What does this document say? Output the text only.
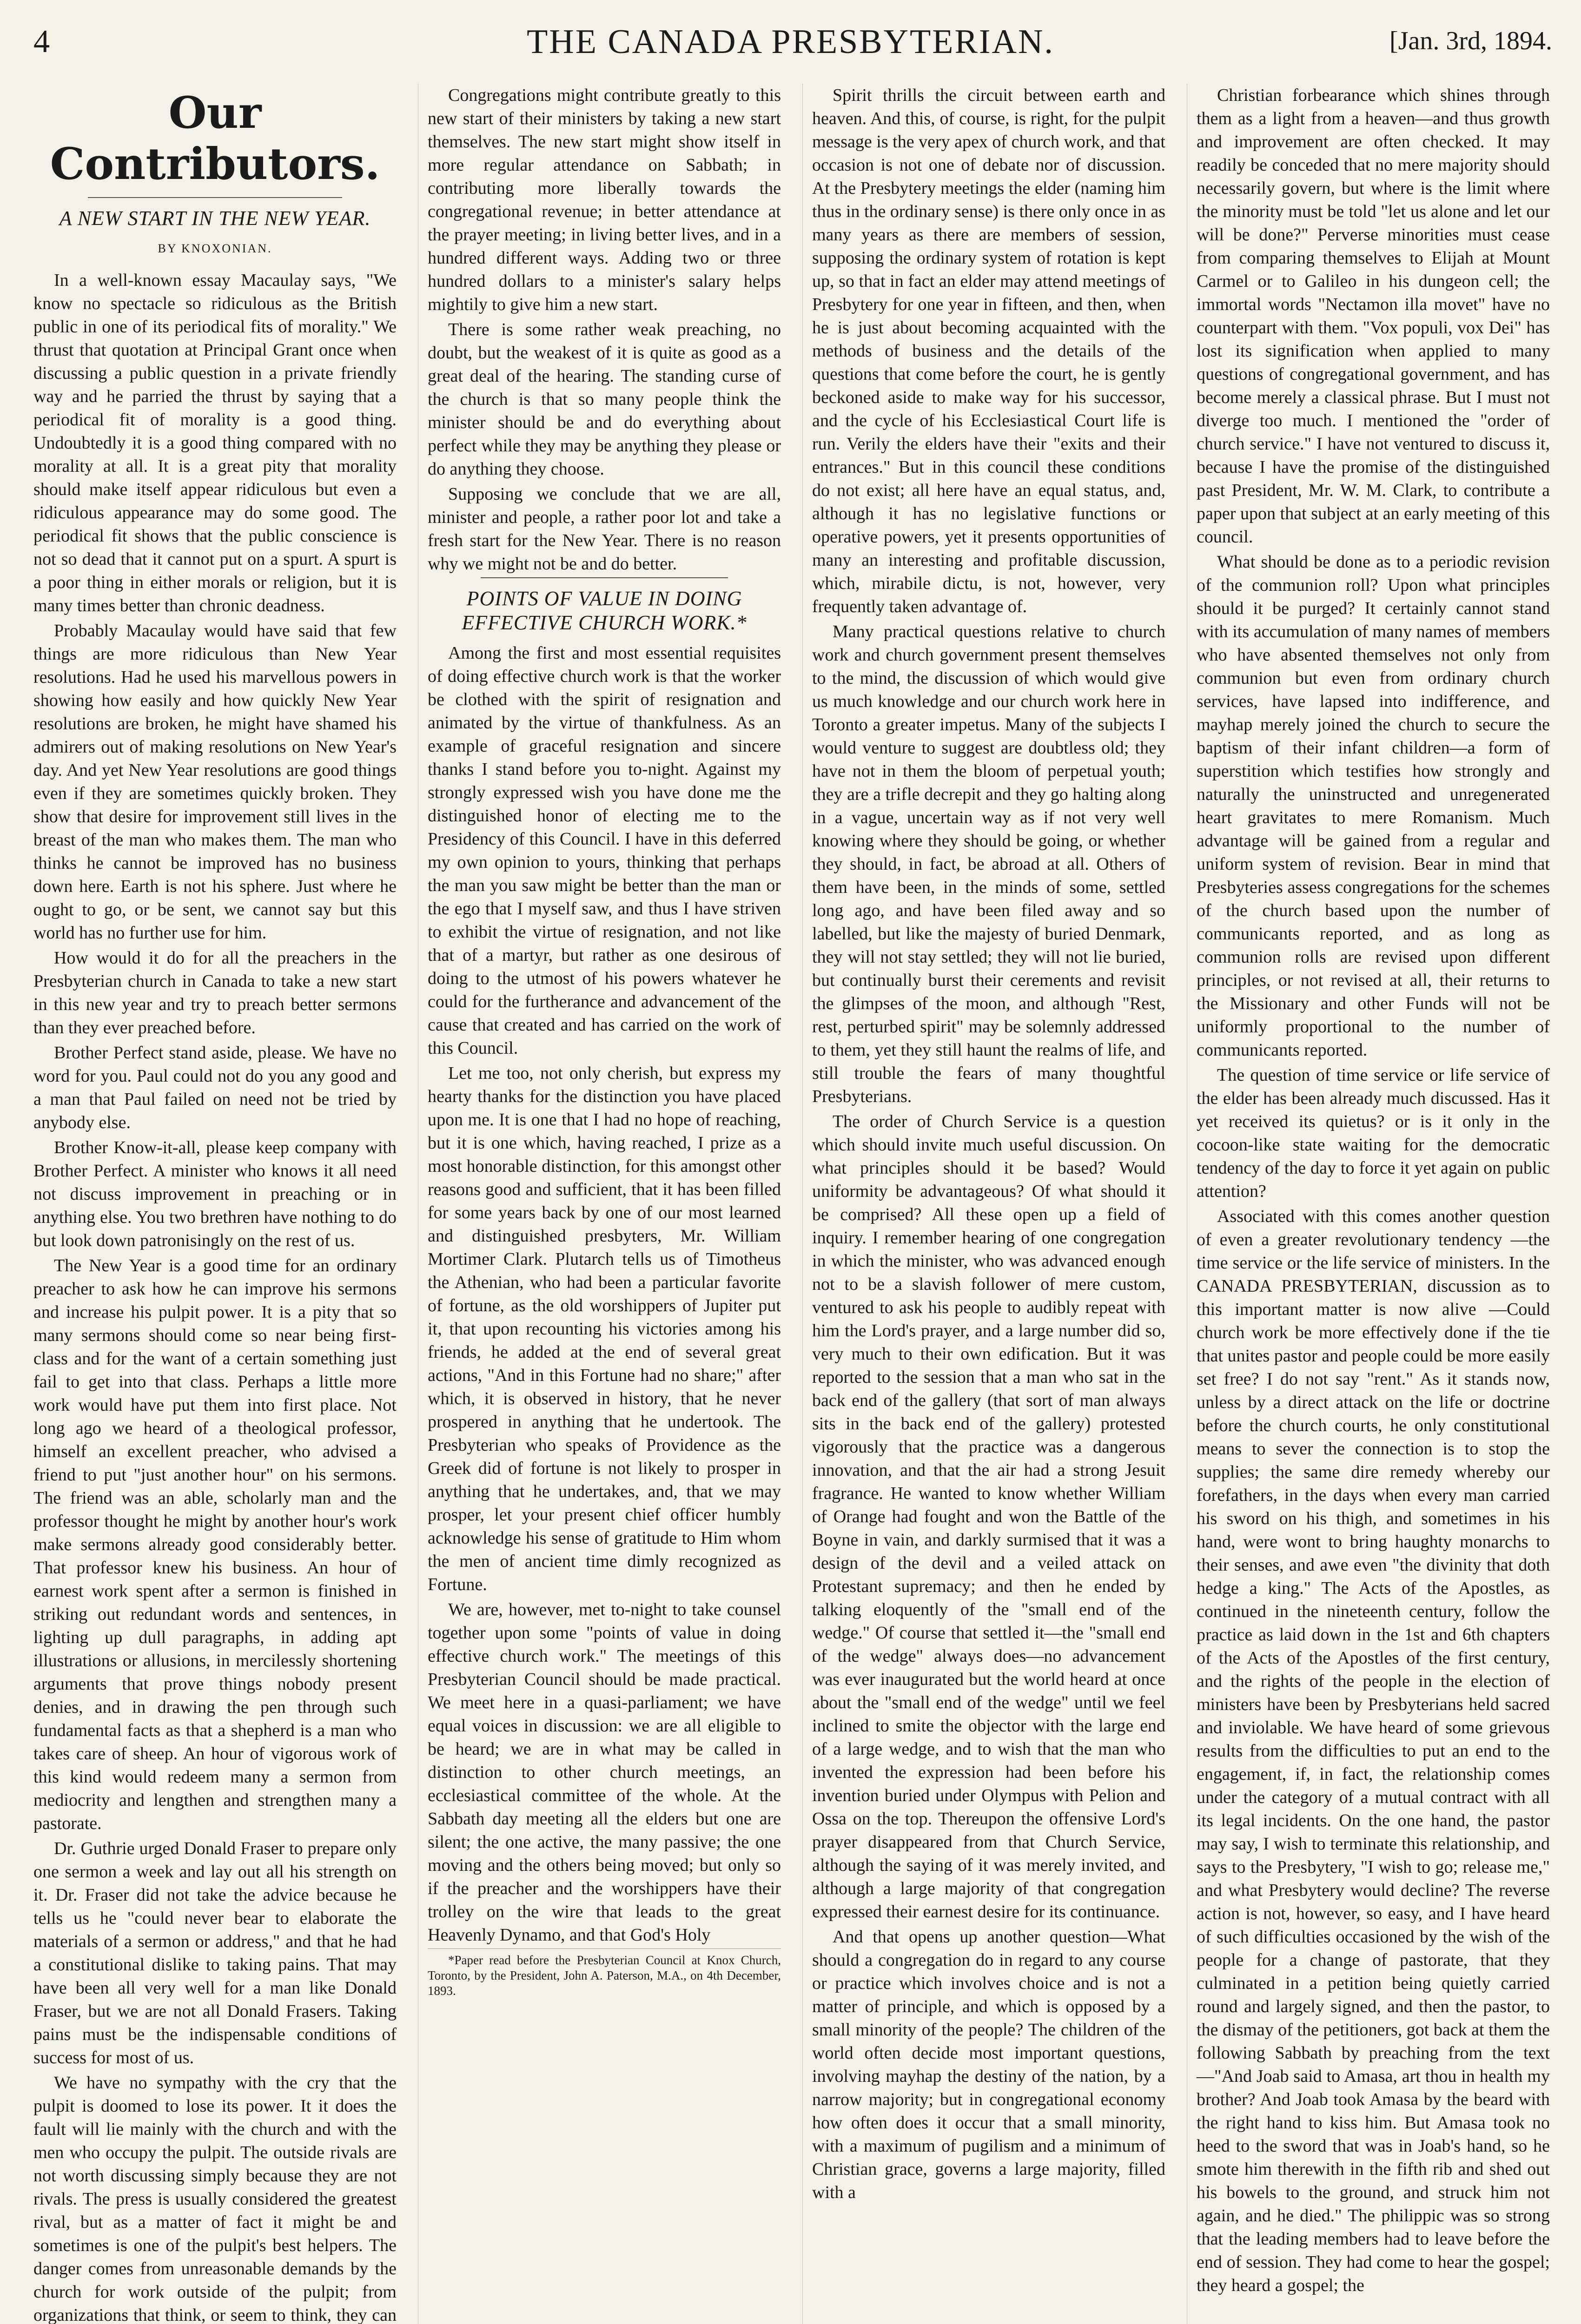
4	THE CANADA PRESBYTERIAN.	[Jan. 3rd, 1894.
Our Contributors.
A NEW START IN THE NEW YEAR.
BY KNOXONIAN.

In a well-known essay Macaulay says, "We know no spectacle so ridiculous as the British public in one of its periodical fits of morality." We thrust that quotation at Principal Grant once when discussing a public question in a private friendly way and he parried the thrust by saying that a periodical fit of morality is a good thing. Undoubtedly it is a good thing compared with no morality at all. It is a great pity that morality should make itself appear ridiculous but even a ridiculous appearance may do some good. The periodical fit shows that the public conscience is not so dead that it cannot put on a spurt. A spurt is a poor thing in either morals or religion, but it is many times better than chronic deadness.

Probably Macaulay would have said that few things are more ridiculous than New Year resolutions. Had he used his marvellous powers in showing how easily and how quickly New Year resolutions are broken, he might have shamed his admirers out of making resolutions on New Year's day. And yet New Year resolutions are good things even if they are sometimes quickly broken. They show that desire for improvement still lives in the breast of the man who makes them. The man who thinks he cannot be improved has no business down here. Earth is not his sphere. Just where he ought to go, or be sent, we cannot say but this world has no further use for him.

How would it do for all the preachers in the Presbyterian church in Canada to take a new start in this new year and try to preach better sermons than they ever preached before.

Brother Perfect stand aside, please. We have no word for you. Paul could not do you any good and a man that Paul failed on need not be tried by anybody else.

Brother Know-it-all, please keep company with Brother Perfect. A minister who knows it all need not discuss improvement in preaching or in anything else. You two brethren have nothing to do but look down patronisingly on the rest of us.

The New Year is a good time for an ordinary preacher to ask how he can improve his sermons and increase his pulpit power. It is a pity that so many sermons should come so near being first-class and for the want of a certain something just fail to get into that class. Perhaps a little more work would have put them into first place. Not long ago we heard of a theological professor, himself an excellent preacher, who advised a friend to put "just another hour" on his sermons. The friend was an able, scholarly man and the professor thought he might by another hour's work make sermons already good considerably better. That professor knew his business. An hour of earnest work spent after a sermon is finished in striking out redundant words and sentences, in lighting up dull paragraphs, in adding apt illustrations or allusions, in mercilessly shortening arguments that prove things nobody present denies, and in drawing the pen through such fundamental facts as that a shepherd is a man who takes care of sheep. An hour of vigorous work of this kind would redeem many a sermon from mediocrity and lengthen and strengthen many a pastorate.

Dr. Guthrie urged Donald Fraser to prepare only one sermon a week and lay out all his strength on it. Dr. Fraser did not take the advice because he tells us he "could never bear to elaborate the materials of a sermon or address," and that he had a constitutional dislike to taking pains. That may have been all very well for a man like Donald Fraser, but we are not all Donald Frasers. Taking pains must be the indispensable conditions of success for most of us.

We have no sympathy with the cry that the pulpit is doomed to lose its power. It it does the fault will lie mainly with the church and with the men who occupy the pulpit. The outside rivals are not worth discussing simply because they are not rivals. The press is usually considered the greatest rival, but as a matter of fact it might be and sometimes is one of the pulpit's best helpers. The danger comes from unreasonable demands by the church for work outside of the pulpit; from organizations that think, or seem to think, they can

Congregations might contribute greatly to this new start of their ministers by taking a new start themselves. The new start might show itself in more regular attendance on Sabbath; in contributing more liberally towards the congregational revenue; in better attendance at the prayer meeting; in living better lives, and in a hundred different ways. Adding two or three hundred dollars to a minister's salary helps mightily to give him a new start.

There is some rather weak preaching, no doubt, but the weakest of it is quite as good as a great deal of the hearing. The standing curse of the church is that so many people think the minister should be and do everything about perfect while they may be anything they please or do anything they choose.

Supposing we conclude that we are all, minister and people, a rather poor lot and take a fresh start for the New Year. There is no reason why we might not be and do better.

POINTS OF VALUE IN DOING EFFECTIVE CHURCH WORK.*

Among the first and most essential requisites of doing effective church work is that the worker be clothed with the spirit of resignation and animated by the virtue of thankfulness. As an example of graceful resignation and sincere thanks I stand before you to-night. Against my strongly expressed wish you have done me the distinguished honor of electing me to the Presidency of this Council. I have in this deferred my own opinion to yours, thinking that perhaps the man you saw might be better than the man or the ego that I myself saw, and thus I have striven to exhibit the virtue of resignation, and not like that of a martyr, but rather as one desirous of doing to the utmost of his powers whatever he could for the furtherance and advancement of the cause that created and has carried on the work of this Council.

Let me too, not only cherish, but express my hearty thanks for the distinction you have placed upon me. It is one that I had no hope of reaching, but it is one which, having reached, I prize as a most honorable distinction, for this amongst other reasons good and sufficient, that it has been filled for some years back by one of our most learned and distinguished presbyters, Mr. William Mortimer Clark. Plutarch tells us of Timotheus the Athenian, who had been a particular favorite of fortune, as the old worshippers of Jupiter put it, that upon recounting his victories among his friends, he added at the end of several great actions, "And in this Fortune had no share;" after which, it is observed in history, that he never prospered in anything that he undertook. The Presbyterian who speaks of Providence as the Greek did of fortune is not likely to prosper in anything that he undertakes, and, that we may prosper, let your present chief officer humbly acknowledge his sense of gratitude to Him whom the men of ancient time dimly recognized as Fortune.

We are, however, met to-night to take counsel together upon some "points of value in doing effective church work." The meetings of this Presbyterian Council should be made practical. We meet here in a quasi-parliament; we have equal voices in discussion: we are all eligible to be heard; we are in what may be called in distinction to other church meetings, an ecclesiastical committee of the whole. At the Sabbath day meeting all the elders but one are silent; the one active, the many passive; the one moving and the others being moved; but only so if the preacher and the worshippers have their trolley on the wire that leads to the great Heavenly Dynamo, and that God's Holy

*Paper read before the Presbyterian Council at Knox Church, Toronto, by the President, John A. Paterson, M.A., on 4th December, 1893.

Spirit thrills the circuit between earth and heaven. And this, of course, is right, for the pulpit message is the very apex of church work, and that occasion is not one of debate nor of discussion. At the Presbytery meetings the elder (naming him thus in the ordinary sense) is there only once in as many years as there are members of session, supposing the ordinary system of rotation is kept up, so that in fact an elder may attend meetings of Presbytery for one year in fifteen, and then, when he is just about becoming acquainted with the methods of business and the details of the questions that come before the court, he is gently beckoned aside to make way for his successor, and the cycle of his Ecclesiastical Court life is run. Verily the elders have their "exits and their entrances." But in this council these conditions do not exist; all here have an equal status, and, although it has no legislative functions or operative powers, yet it presents opportunities of many an interesting and profitable discussion, which, mirabile dictu, is not, however, very frequently taken advantage of.

Many practical questions relative to church work and church government present themselves to the mind, the discussion of which would give us much knowledge and our church work here in Toronto a greater impetus. Many of the subjects I would venture to suggest are doubtless old; they have not in them the bloom of perpetual youth; they are a trifle decrepit and they go halting along in a vague, uncertain way as if not very well knowing where they should be going, or whether they should, in fact, be abroad at all. Others of them have been, in the minds of some, settled long ago, and have been filed away and so labelled, but like the majesty of buried Denmark, they will not stay settled; they will not lie buried, but continually burst their cerements and revisit the glimpses of the moon, and although "Rest, rest, perturbed spirit" may be solemnly addressed to them, yet they still haunt the realms of life, and still trouble the fears of many thoughtful Presbyterians.

The order of Church Service is a question which should invite much useful discussion. On what principles should it be based? Would uniformity be advantageous? Of what should it be comprised? All these open up a field of inquiry. I remember hearing of one congregation in which the minister, who was advanced enough not to be a slavish follower of mere custom, ventured to ask his people to audibly repeat with him the Lord's prayer, and a large number did so, very much to their own edification. But it was reported to the session that a man who sat in the back end of the gallery (that sort of man always sits in the back end of the gallery) protested vigorously that the practice was a dangerous innovation, and that the air had a strong Jesuit fragrance. He wanted to know whether William of Orange had fought and won the Battle of the Boyne in vain, and darkly surmised that it was a design of the devil and a veiled attack on Protestant supremacy; and then he ended by talking eloquently of the "small end of the wedge." Of course that settled it—the "small end of the wedge" always does—no advancement was ever inaugurated but the world heard at once about the "small end of the wedge" until we feel inclined to smite the objector with the large end of a large wedge, and to wish that the man who invented the expression had been before his invention buried under Olympus with Pelion and Ossa on the top. Thereupon the offensive Lord's prayer disappeared from that Church Service, although the saying of it was merely invited, and although a large majority of that congregation expressed their earnest desire for its continuance.

And that opens up another question—What should a congregation do in regard to any course or practice which involves choice and is not a matter of principle, and which is opposed by a small minority of the people? The children of the world often decide most important questions, involving mayhap the destiny of the nation, by a narrow majority; but in congregational economy how often does it occur that a small minority, with a maximum of pugilism and a minimum of Christian grace, governs a large majority, filled with a

Christian forbearance which shines through them as a light from a heaven—and thus growth and improvement are often checked. It may readily be conceded that no mere majority should necessarily govern, but where is the limit where the minority must be told "let us alone and let our will be done?" Perverse minorities must cease from comparing themselves to Elijah at Mount Carmel or to Galileo in his dungeon cell; the immortal words "Nectamon illa movet" have no counterpart with them. "Vox populi, vox Dei" has lost its signification when applied to many questions of congregational government, and has become merely a classical phrase. But I must not diverge too much. I mentioned the "order of church service." I have not ventured to discuss it, because I have the promise of the distinguished past President, Mr. W. M. Clark, to contribute a paper upon that subject at an early meeting of this council.

What should be done as to a periodic revision of the communion roll? Upon what principles should it be purged? It certainly cannot stand with its accumulation of many names of members who have absented themselves not only from communion but even from ordinary church services, have lapsed into indifference, and mayhap merely joined the church to secure the baptism of their infant children—a form of superstition which testifies how strongly and naturally the uninstructed and unregenerated heart gravitates to mere Romanism. Much advantage will be gained from a regular and uniform system of revision. Bear in mind that Presbyteries assess congregations for the schemes of the church based upon the number of communicants reported, and as long as communion rolls are revised upon different principles, or not revised at all, their returns to the Missionary and other Funds will not be uniformly proportional to the number of communicants reported.

The question of time service or life service of the elder has been already much discussed. Has it yet received its quietus? or is it only in the cocoon-like state waiting for the democratic tendency of the day to force it yet again on public attention?

Associated with this comes another question of even a greater revolutionary tendency —the time service or the life service of ministers. In the CANADA PRESBYTERIAN, discussion as to this important matter is now alive —Could church work be more effectively done if the tie that unites pastor and people could be more easily set free? I do not say "rent." As it stands now, unless by a direct attack on the life or doctrine before the church courts, he only constitutional means to sever the connection is to stop the supplies; the same dire remedy whereby our forefathers, in the days when every man carried his sword on his thigh, and sometimes in his hand, were wont to bring haughty monarchs to their senses, and awe even "the divinity that doth hedge a king." The Acts of the Apostles, as continued in the nineteenth century, follow the practice as laid down in the 1st and 6th chapters of the Acts of the Apostles of the first century, and the rights of the people in the election of ministers have been by Presbyterians held sacred and inviolable. We have heard of some grievous results from the difficulties to put an end to the engagement, if, in fact, the relationship comes under the category of a mutual contract with all its legal incidents. On the one hand, the pastor may say, I wish to terminate this relationship, and says to the Presbytery, "I wish to go; release me," and what Presbytery would decline? The reverse action is not, however, so easy, and I have heard of such difficulties occasioned by the wish of the people for a change of pastorate, that they culminated in a petition being quietly carried round and largely signed, and then the pastor, to the dismay of the petitioners, got back at them the following Sabbath by preaching from the text—"And Joab said to Amasa, art thou in health my brother? And Joab took Amasa by the beard with the right hand to kiss him. But Amasa took no heed to the sword that was in Joab's hand, so he smote him therewith in the fifth rib and shed out his bowels to the ground, and struck him not again, and he died." The philippic was so strong that the leading members had to leave before the end of session. They had come to hear the gospel; they heard a gospel; the
